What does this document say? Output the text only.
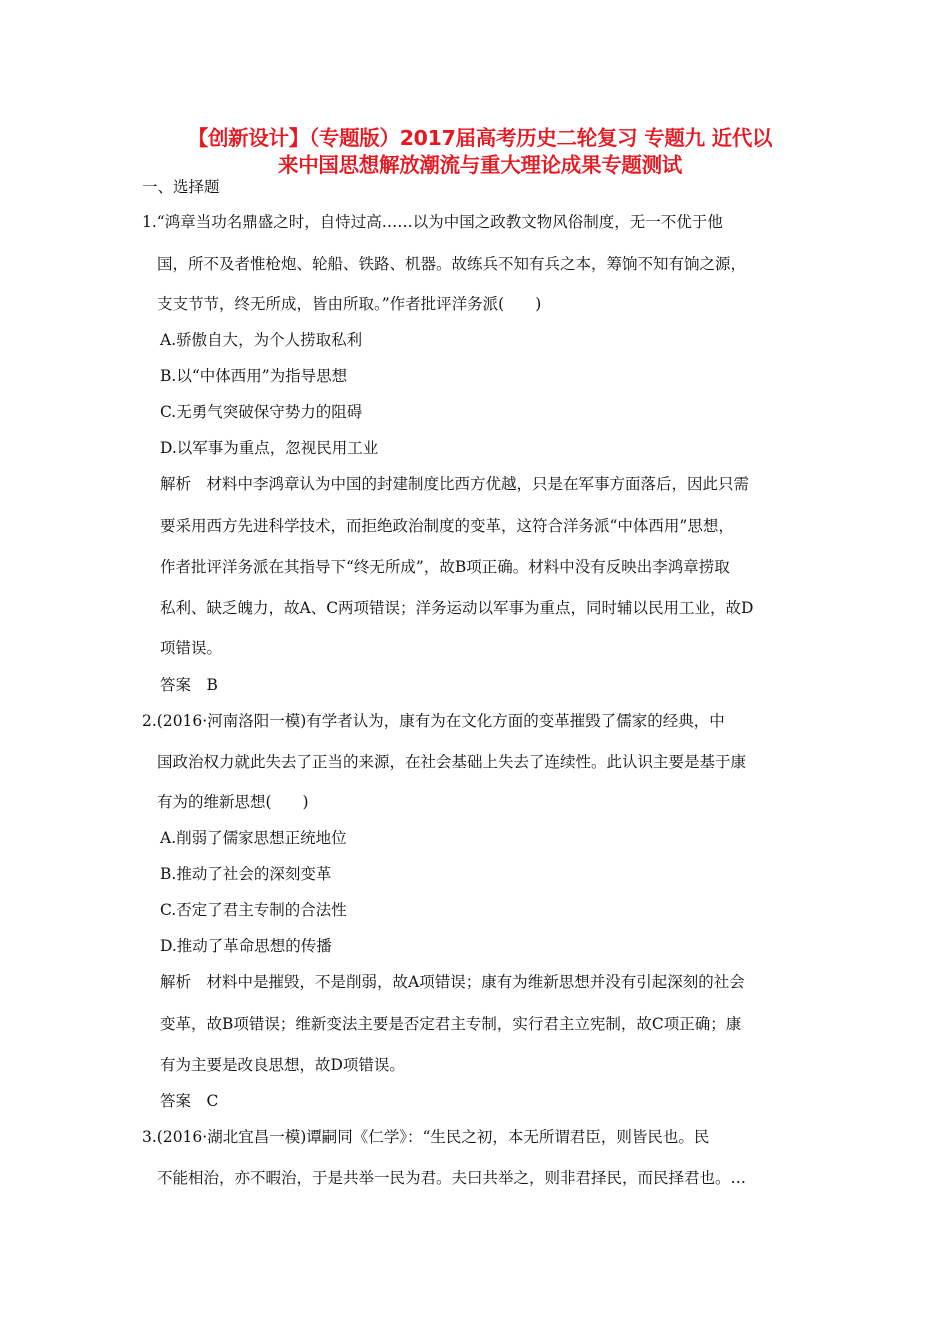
【创新设计】（专题版）2017届高考历史二轮复习 专题九 近代以
来中国思想解放潮流与重大理论成果专题测试
一、选择题
1.“鸿章当功名鼎盛之时，自恃过高……以为中国之政教文物风俗制度，无一不优于他
国，所不及者惟枪炮、轮船、铁路、机器。故练兵不知有兵之本，筹饷不知有饷之源，
支支节节，终无所成，皆由所取。”作者批评洋务派(　　)
A.骄傲自大，为个人捞取私利
B.以“中体西用”为指导思想
C.无勇气突破保守势力的阻碍
D.以军事为重点，忽视民用工业
解析　材料中李鸿章认为中国的封建制度比西方优越，只是在军事方面落后，因此只需
要采用西方先进科学技术，而拒绝政治制度的变革，这符合洋务派“中体西用”思想，
作者批评洋务派在其指导下“终无所成”，故B项正确。材料中没有反映出李鸿章捞取
私利、缺乏魄力，故A、C两项错误；洋务运动以军事为重点，同时辅以民用工业，故D
项错误。
答案　B
2.(2016·河南洛阳一模)有学者认为，康有为在文化方面的变革摧毁了儒家的经典，中
国政治权力就此失去了正当的来源，在社会基础上失去了连续性。此认识主要是基于康
有为的维新思想(　　)
A.削弱了儒家思想正统地位
B.推动了社会的深刻变革
C.否定了君主专制的合法性
D.推动了革命思想的传播
解析　材料中是摧毁，不是削弱，故A项错误；康有为维新思想并没有引起深刻的社会
变革，故B项错误；维新变法主要是否定君主专制，实行君主立宪制，故C项正确；康
有为主要是改良思想，故D项错误。
答案　C
3.(2016·湖北宜昌一模)谭嗣同《仁学》：“生民之初，本无所谓君臣，则皆民也。民
不能相治，亦不暇治，于是共举一民为君。夫曰共举之，则非君择民，而民择君也。…
